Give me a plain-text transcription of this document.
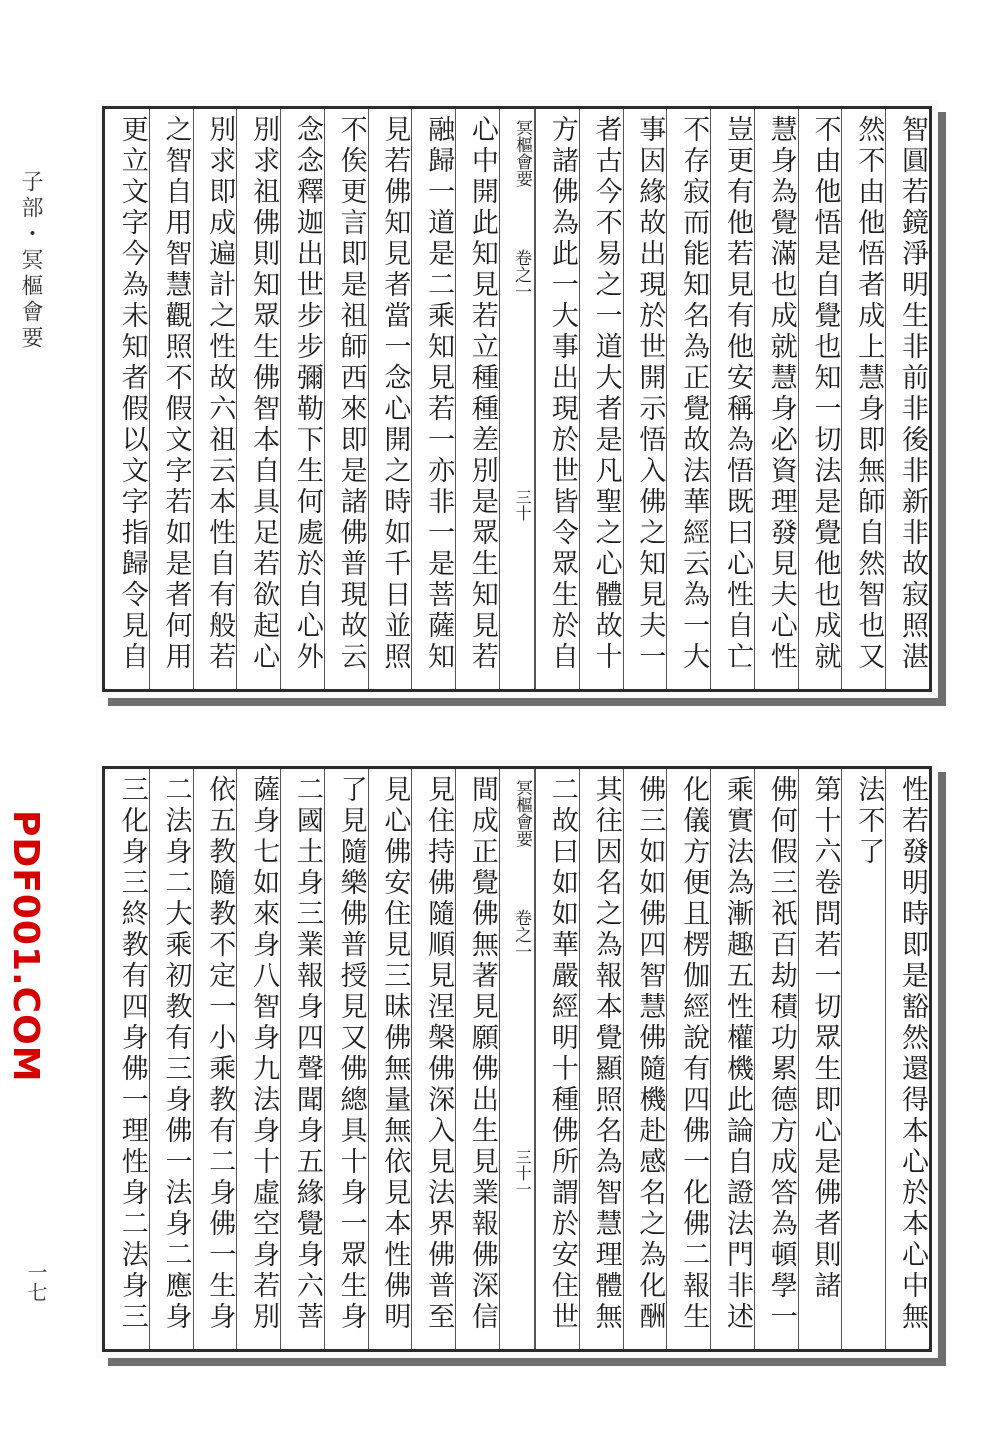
子部・冥樞會要
PDF001.COM
一七
智圓若鏡淨明生非前非後非新非故寂照湛
然不由他悟者成上慧身即無師自然智也又
不由他悟是自覺也知一切法是覺他也成就
慧身為覺滿也成就慧身必資理發見夫心性
豈更有他若見有他安稱為悟既曰心性自亡
不存寂而能知名為正覺故法華經云為一大
事因緣故出現於世開示悟入佛之知見夫一
者古今不易之一道大者是凡聖之心體故十
方諸佛為此一大事出現於世皆令眾生於自
冥樞會要
卷之一
三十
心中開此知見若立種種差別是眾生知見若
融歸一道是二乘知見若一亦非一是菩薩知
見若佛知見者當一念心開之時如千日並照
不俟更言即是祖師西來即是諸佛普現故云
念念釋迦出世步步彌勒下生何處於自心外
別求祖佛則知眾生佛智本自具足若欲起心
別求即成遍計之性故六祖云本性自有般若
之智自用智慧觀照不假文字若如是者何用
更立文字今為未知者假以文字指歸令見自
性若發明時即是豁然還得本心於本心中無
法不了
第十六卷問若一切眾生即心是佛者則諸
佛何假三祇百劫積功累德方成答為頓學一
乘實法為漸趣五性權機此論自證法門非述
化儀方便且楞伽經說有四佛一化佛二報生
佛三如如佛四智慧佛隨機赴感名之為化酬
其往因名之為報本覺顯照名為智慧理體無
二故曰如如華嚴經明十種佛所謂於安住世
冥樞會要
卷之一
三十一
間成正覺佛無著見願佛出生見業報佛深信
見住持佛隨順見涅槃佛深入見法界佛普至
見心佛安住見三昧佛無量無依見本性佛明
了見隨樂佛普授見又佛總具十身一眾生身
二國土身三業報身四聲聞身五緣覺身六菩
薩身七如來身八智身九法身十虛空身若別
依五教隨教不定一小乘教有二身佛一生身
二法身二大乘初教有三身佛一法身二應身
三化身三終教有四身佛一理性身二法身三
